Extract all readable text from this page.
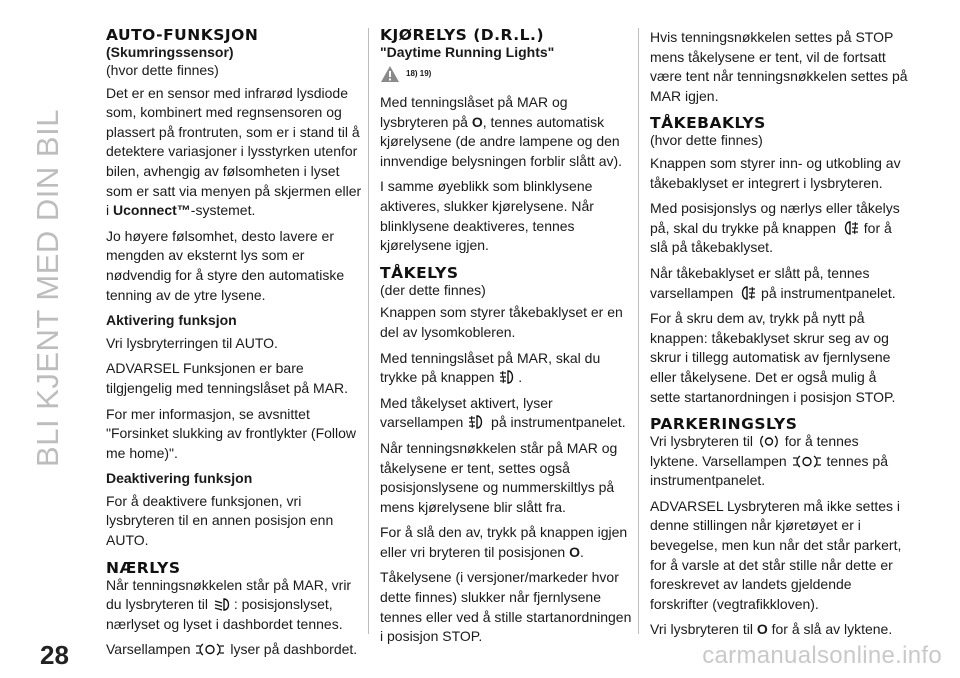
BLI KJENT MED DIN BIL
AUTO-FUNKSJON
(Skumringssensor)

(hvor dette finnes)

Det er en sensor med infrarød lysdiode som, kombinert med regnsensoren og plassert på frontruten, som er i stand til å detektere variasjoner i lysstyrken utenfor bilen, avhengig av følsomheten i lyset som er satt via menyen på skjermen eller i Uconnect™-systemet.

Jo høyere følsomhet, desto lavere er mengden av eksternt lys som er nødvendig for å styre den automatiske tenning av de ytre lysene.

Aktivering funksjon

Vri lysbryterringen til AUTO.

ADVARSEL Funksjonen er bare tilgjengelig med tenningslåset på MAR.

For mer informasjon, se avsnittet "Forsinket slukking av frontlykter (Follow me home)".

Deaktivering funksjon

For å deaktivere funksjonen, vri lysbryteren til en annen posisjon enn AUTO.

NÆRLYS

Når tenningsnøkkelen står på MAR, vrir du lysbryteren til : posisjonslyset, nærlyset og lyset i dashbordet tennes.

Varsellampen  lyser på dashbordet.

KJØRELYS (D.R.L.)
"Daytime Running Lights"
18) 19)

Med tenningslåset på MAR og lysbryteren på O, tennes automatisk kjørelysene (de andre lampene og den innvendige belysningen forblir slått av).

I samme øyeblikk som blinklysene aktiveres, slukker kjørelysene. Når blinklysene deaktiveres, tennes kjørelysene igjen.

TÅKELYS

(der dette finnes)

Knappen som styrer tåkebaklyset er en del av lysomkobleren.

Med tenningslåset på MAR, skal du trykke på knappen .

Med tåkelyset aktivert, lyser varsellampen  på instrumentpanelet.

Når tenningsnøkkelen står på MAR og tåkelysene er tent, settes også posisjonslysene og nummerskiltlys på mens kjørelysene blir slått fra.

For å slå den av, trykk på knappen igjen eller vri bryteren til posisjonen O.

Tåkelysene (i versjoner/markeder hvor dette finnes) slukker når fjernlysene tennes eller ved å stille startanordningen i posisjon STOP.

Hvis tenningsnøkkelen settes på STOP mens tåkelysene er tent, vil de fortsatt være tent når tenningsnøkkelen settes på MAR igjen.

TÅKEBAKLYS

(hvor dette finnes)

Knappen som styrer inn- og utkobling av tåkebaklyset er integrert i lysbryteren.

Med posisjonslys og nærlys eller tåkelys på, skal du trykke på knappen  for å slå på tåkebaklyset.

Når tåkebaklyset er slått på, tennes varsellampen  på instrumentpanelet.

For å skru dem av, trykk på nytt på knappen: tåkebaklyset skrur seg av og skrur i tillegg automatisk av fjernlysene eller tåkelysene. Det er også mulig å sette startanordningen i posisjon STOP.

PARKERINGSLYS

Vri lysbryteren til  for å tennes lyktene. Varsellampen  tennes på instrumentpanelet.

ADVARSEL Lysbryteren må ikke settes i denne stillingen når kjøretøyet er i bevegelse, men kun når det står parkert, for å varsle at det står stille når dette er foreskrevet av landets gjeldende forskrifter (vegtrafikkloven).

Vri lysbryteren til O for å slå av lyktene.

28	carmanualsonline.info
